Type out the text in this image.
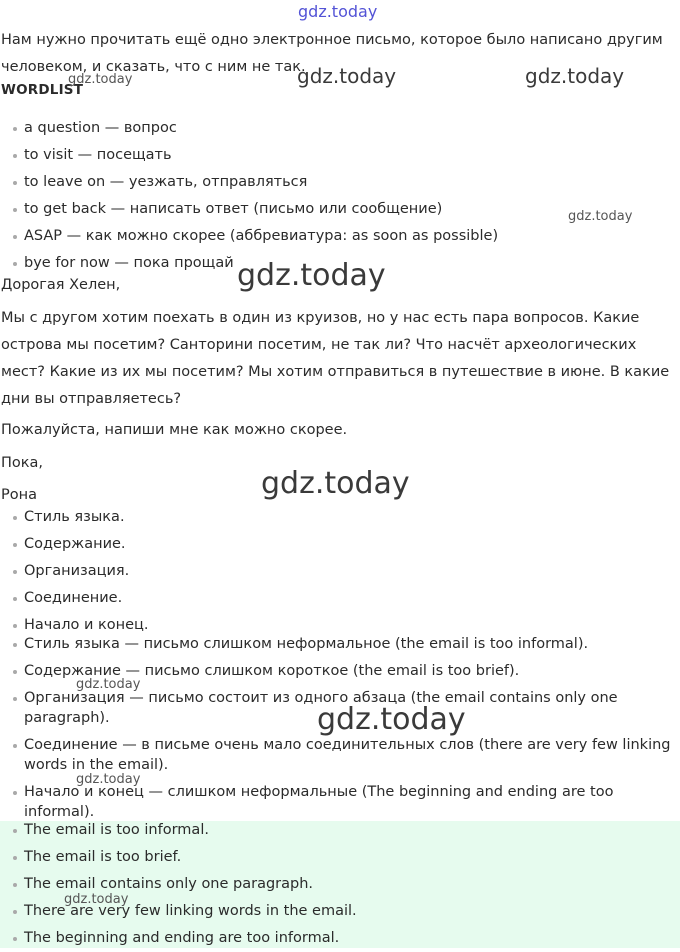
Нам нужно прочитать ещё одно электронное письмо, которое было написано другим человеком, и сказать, что с ним не так.

WORDLIST
a question — вопрос
to visit — посещать
to leave on — уезжать, отправляться
to get back — написать ответ (письмо или сообщение)
ASAP — как можно скорее (аббревиатура: as soon as possible)
bye for now — пока прощай

Дорогая Хелен,

Мы с другом хотим поехать в один из круизов, но у нас есть пара вопросов. Какие острова мы посетим? Санторини посетим, не так ли? Что насчёт археологических мест? Какие из их мы посетим? Мы хотим отправиться в путешествие в июне. В какие дни вы отправляетесь?

Пожалуйста, напиши мне как можно скорее.

Пока,

Рона

Стиль языка.
Содержание.
Организация.
Соединение.
Начало и конец.
Стиль языка — письмо слишком неформальное (the email is too informal).
Содержание — письмо слишком короткое (the email is too brief).
Организация — письмо состоит из одного абзаца (the email contains only one paragraph).
Соединение — в письме очень мало соединительных слов (there are very few linking words in the email).
Начало и конец — слишком неформальные (The beginning and ending are too informal).
The email is too informal.
The email is too brief.
The email contains only one paragraph.
There are very few linking words in the email.
The beginning and ending are too informal.
gdz.today
gdz.today	gdz.today
gdz.today
gdz.today
gdz.today
gdz.today
gdz.today
gdz.today
gdz.today
gdz.today
